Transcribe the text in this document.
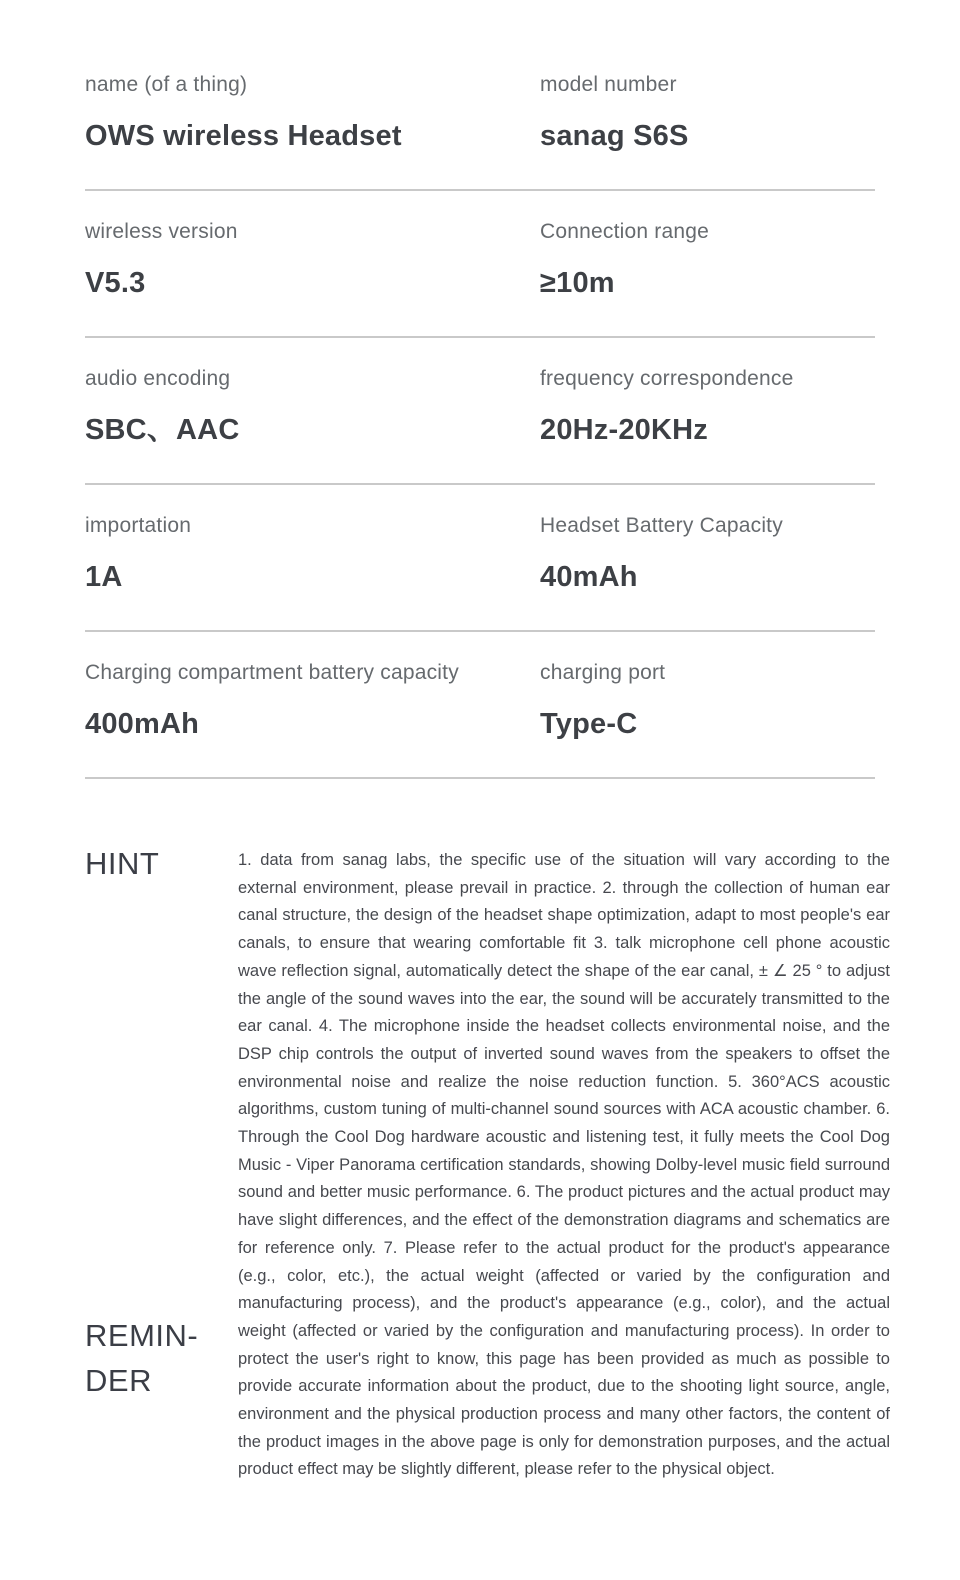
name (of a thing)
OWS wireless Headset
model number
sanag S6S
wireless version
V5.3
Connection range
≥10m
audio encoding
SBC、AAC
frequency correspondence
20Hz-20KHz
importation
1A
Headset Battery Capacity
40mAh
Charging compartment battery capacity
400mAh
charging port
Type-C
HINT
REMIN-
DER

1. data from sanag labs, the specific use of the situation will vary according to the external environment, please prevail in practice. 2. through the collection of human ear canal structure, the design of the headset shape optimization, adapt to most people's ear canals, to ensure that wearing comfortable fit 3. talk microphone cell phone acoustic wave reflection signal, automatically detect the shape of the ear canal, ± ∠ 25 ° to adjust the angle of the sound waves into the ear, the sound will be accurately transmitted to the ear canal. 4. The microphone inside the headset collects environmental noise, and the DSP chip controls the output of inverted sound waves from the speakers to offset the environmental noise and realize the noise reduction function. 5. 360°ACS acoustic algorithms, custom tuning of multi-channel sound sources with ACA acoustic chamber. 6. Through the Cool Dog hardware acoustic and listening test, it fully meets the Cool Dog Music - Viper Panorama certification standards, showing Dolby-level music field surround sound and better music performance. 6. The product pictures and the actual product may have slight differences, and the effect of the demonstration diagrams and schematics are for reference only. 7. Please refer to the actual product for the product's appearance (e.g., color, etc.), the actual weight (affected or varied by the configuration and manufacturing process), and the product's appearance (e.g., color), and the actual weight (affected or varied by the configuration and manufacturing process). In order to protect the user's right to know, this page has been provided as much as possible to provide accurate information about the product, due to the shooting light source, angle, environment and the physical production process and many other factors, the content of the product images in the above page is only for demonstration purposes, and the actual product effect may be slightly different, please refer to the physical object.
